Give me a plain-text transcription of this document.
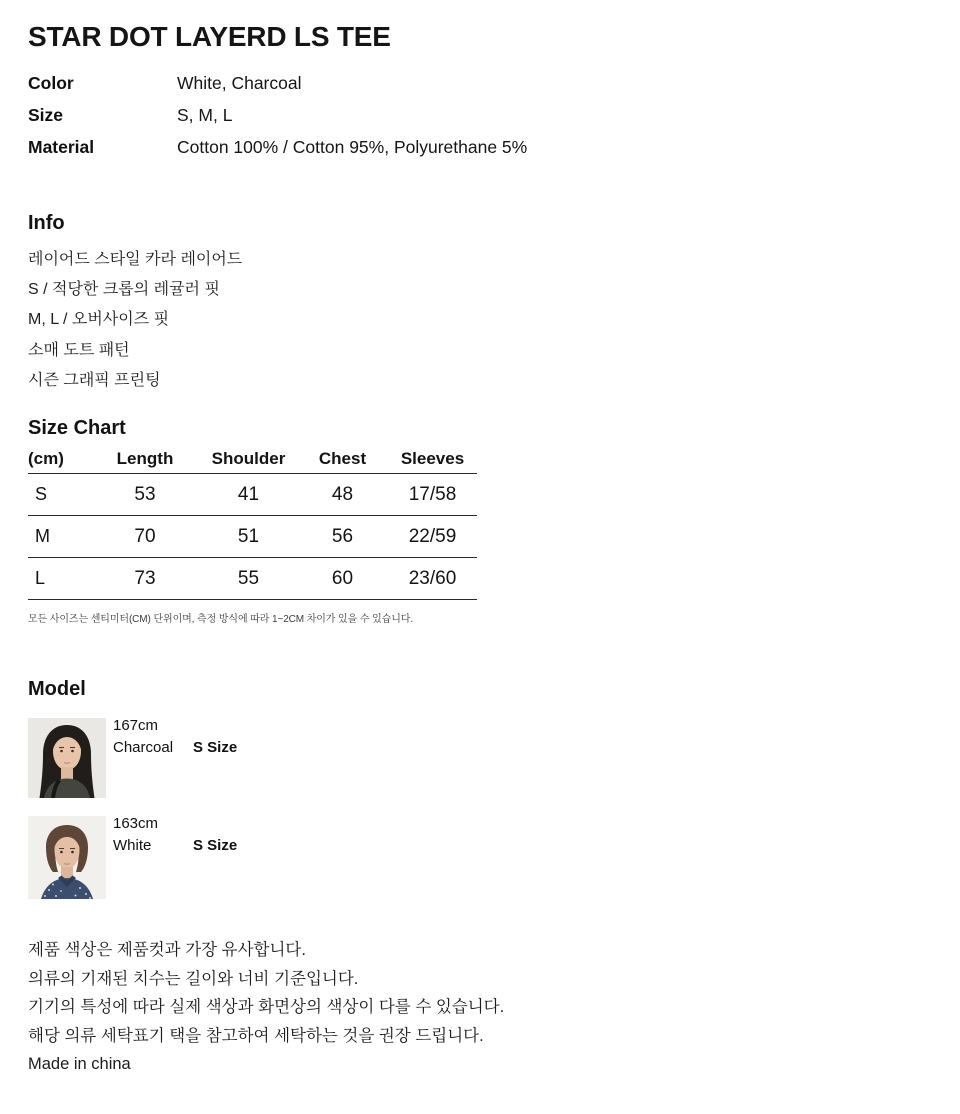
STAR DOT LAYERD LS TEE
Color	White, Charcoal
Size	S, M, L
Material	Cotton 100% / Cotton 95%, Polyurethane 5%
Info
레이어드 스타일 카라 레이어드
S / 적당한 크롭의 레귤러 핏
M, L / 오버사이즈 핏
소매 도트 패턴
시즌 그래픽 프린팅
Size Chart
(cm)	Length	Shoulder	Chest	Sleeves
S	53	41	48	17/58
M	70	51	56	22/59
L	73	55	60	23/60
모든 사이즈는 센티미터(CM) 단위이며, 측정 방식에 따라 1~2CM 차이가 있을 수 있습니다.
Model
167cm
Charcoal	S Size
163cm
White	S Size
제품 색상은 제품컷과 가장 유사합니다.
의류의 기재된 치수는 길이와 너비 기준입니다.
기기의 특성에 따라 실제 색상과 화면상의 색상이 다를 수 있습니다.
해당 의류 세탁표기 택을 참고하여 세탁하는 것을 권장 드립니다.
Made in china
